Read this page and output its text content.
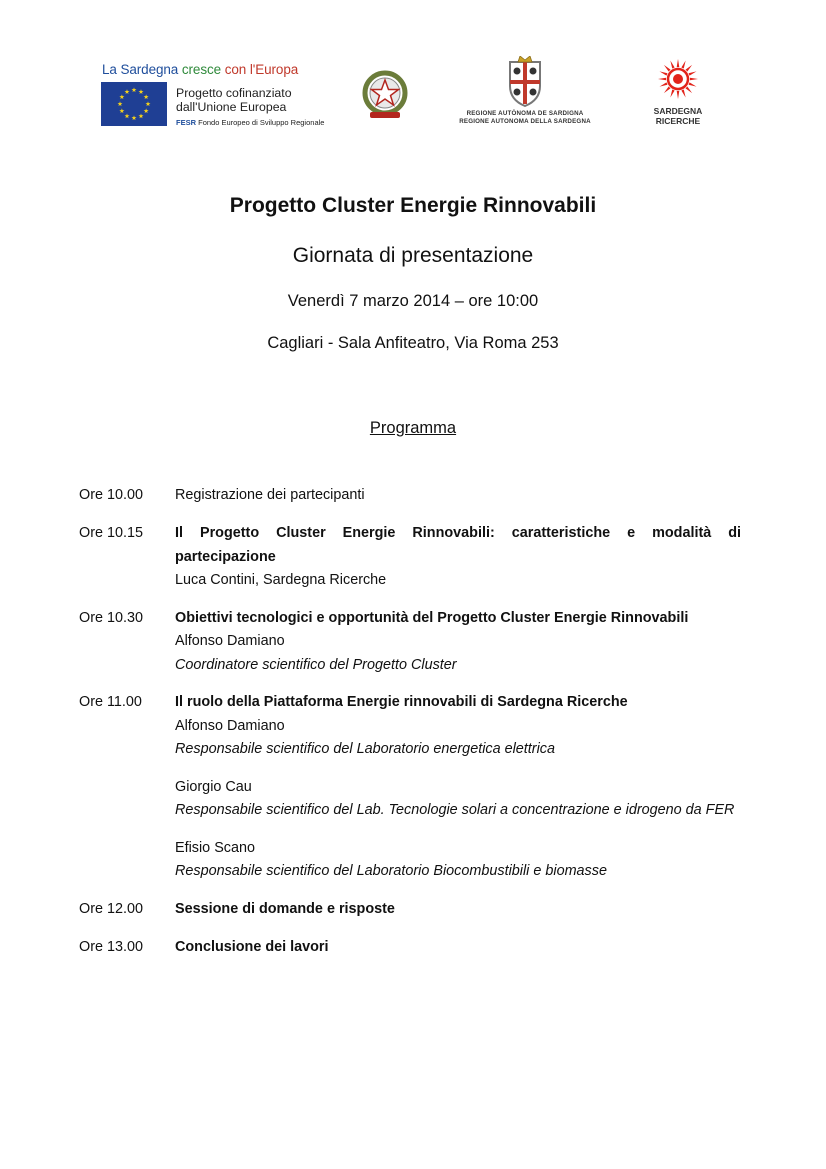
La Sardegna cresce con l'Europa
Progetto cofinanziato
dall'Unione Europea
FESR Fondo Europeo di Sviluppo Regionale
REGIONE AUTÒNOMA DE SARDIGNA
REGIONE AUTONOMA DELLA SARDEGNA
SARDEGNA
RICERCHE
Progetto Cluster Energie Rinnovabili
Giornata di presentazione
Venerdì 7 marzo 2014 – ore 10:00
Cagliari - Sala Anfiteatro, Via Roma 253
Programma
Ore 10.00 Registrazione dei partecipanti
Ore 10.15 Il Progetto Cluster Energie Rinnovabili: caratteristiche e modalità di
partecipazione
Luca Contini, Sardegna Ricerche
Ore 10.30 Obiettivi tecnologici e opportunità del Progetto Cluster Energie Rinnovabili
Alfonso Damiano
Coordinatore scientifico del Progetto Cluster
Ore 11.00 Il ruolo della Piattaforma Energie rinnovabili di Sardegna Ricerche
Alfonso Damiano
Responsabile scientifico del Laboratorio energetica elettrica
Giorgio Cau
Responsabile scientifico del Lab. Tecnologie solari a concentrazione e idrogeno da FER
Efisio Scano
Responsabile scientifico del Laboratorio Biocombustibili e biomasse
Ore 12.00 Sessione di domande e risposte
Ore 13.00 Conclusione dei lavori
